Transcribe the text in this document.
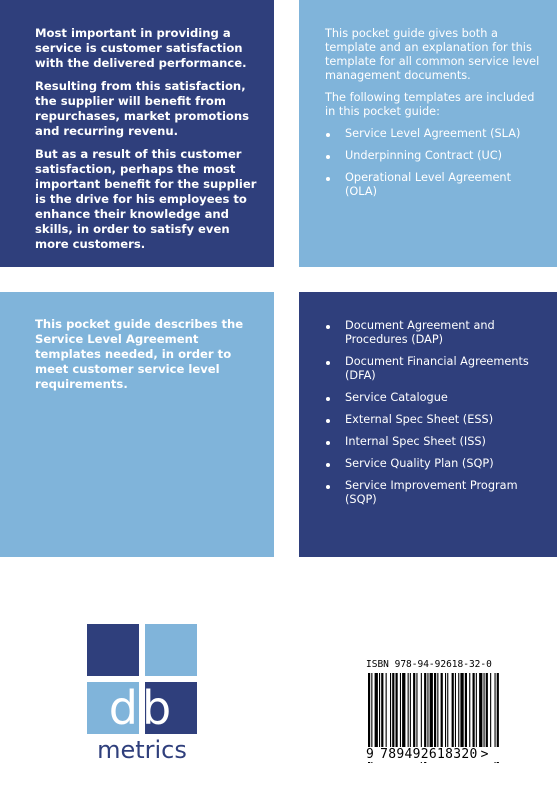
Most important in providing a service is customer satisfaction with the delivered performance.

Resulting from this satisfaction, the supplier will benefit from repurchases, market promotions and recurring revenu.

But as a result of this customer satisfaction, perhaps the most important benefit for the supplier is the drive for his employees to enhance their knowledge and skills, in order to satisfy even more customers.

This pocket guide gives both a template and an explanation for this template for all common service level management documents.

The following templates are included in this pocket guide:

Service Level Agreement (SLA)
Underpinning Contract (UC)
Operational Level Agreement (OLA)

This pocket guide describes the Service Level Agreement templates needed, in order to meet customer service level requirements.

Document Agreement and Procedures (DAP)
Document Financial Agreements (DFA)
Service Catalogue
External Spec Sheet (ESS)
Internal Spec Sheet (ISS)
Service Quality Plan (SQP)
Service Improvement Program (SQP)
db
metrics
ISBN 978-94-92618-32-0
9 789492618320 >
